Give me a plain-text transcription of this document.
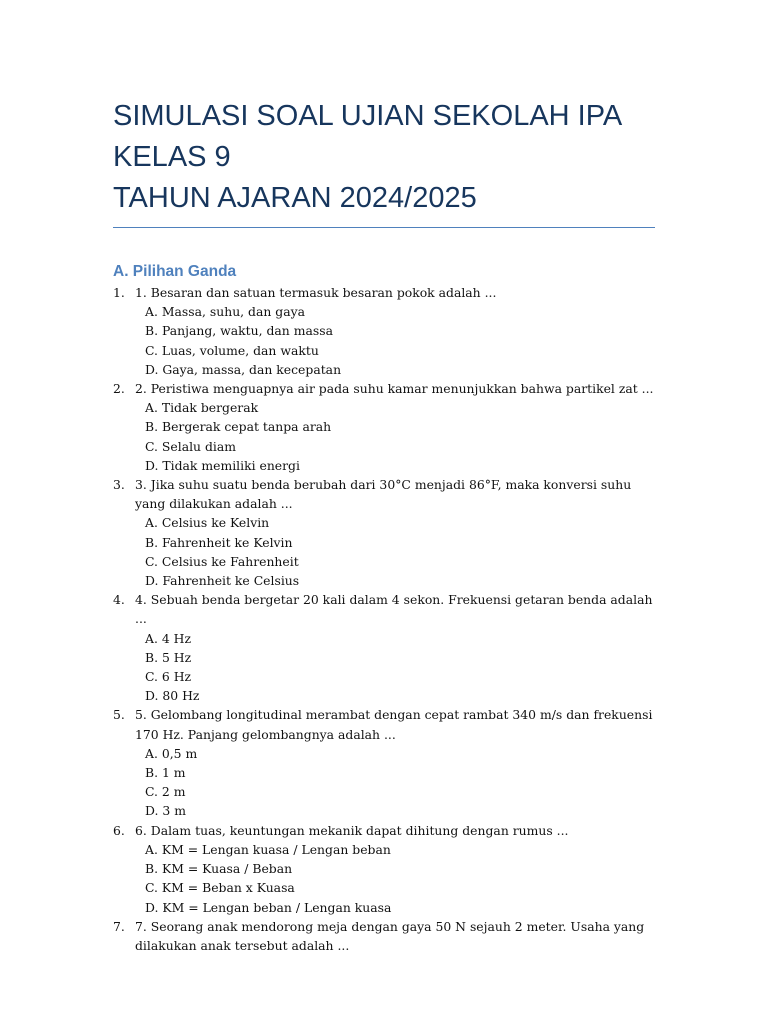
SIMULASI SOAL UJIAN SEKOLAH IPA
KELAS 9
TAHUN AJARAN 2024/2025
A. Pilihan Ganda
1. 1. Besaran dan satuan termasuk besaran pokok adalah ...
A. Massa, suhu, dan gaya
B. Panjang, waktu, dan massa
C. Luas, volume, dan waktu
D. Gaya, massa, dan kecepatan
2. 2. Peristiwa menguapnya air pada suhu kamar menunjukkan bahwa partikel zat ...
A. Tidak bergerak
B. Bergerak cepat tanpa arah
C. Selalu diam
D. Tidak memiliki energi
3. 3. Jika suhu suatu benda berubah dari 30°C menjadi 86°F, maka konversi suhu yang dilakukan adalah ...
A. Celsius ke Kelvin
B. Fahrenheit ke Kelvin
C. Celsius ke Fahrenheit
D. Fahrenheit ke Celsius
4. 4. Sebuah benda bergetar 20 kali dalam 4 sekon. Frekuensi getaran benda adalah ...
A. 4 Hz
B. 5 Hz
C. 6 Hz
D. 80 Hz
5. 5. Gelombang longitudinal merambat dengan cepat rambat 340 m/s dan frekuensi 170 Hz. Panjang gelombangnya adalah ...
A. 0,5 m
B. 1 m
C. 2 m
D. 3 m
6. 6. Dalam tuas, keuntungan mekanik dapat dihitung dengan rumus ...
A. KM = Lengan kuasa / Lengan beban
B. KM = Kuasa / Beban
C. KM = Beban x Kuasa
D. KM = Lengan beban / Lengan kuasa
7. 7. Seorang anak mendorong meja dengan gaya 50 N sejauh 2 meter. Usaha yang dilakukan anak tersebut adalah ...
